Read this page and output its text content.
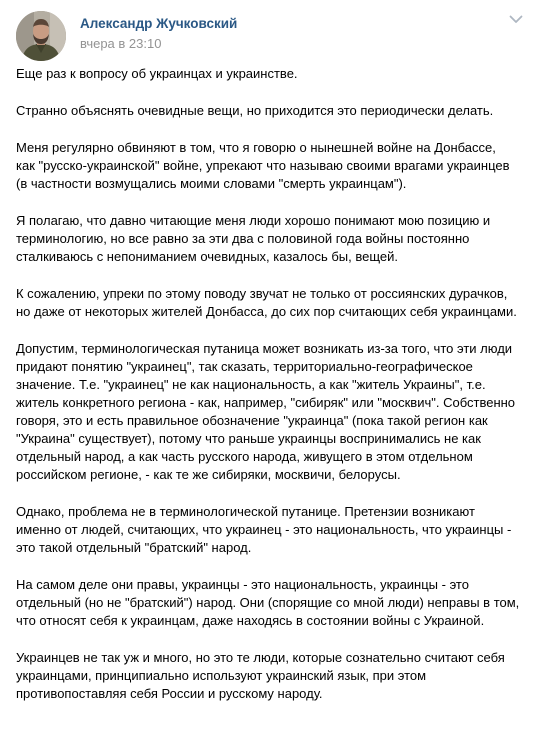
Александр Жучковский
вчера в 23:10

Еще раз к вопросу об украинцах и украинстве.

Странно объяснять очевидные вещи, но приходится это периодически делать.

Меня регулярно обвиняют в том, что я говорю о нынешней войне на Донбассе,
как "русско-украинской" войне, упрекают что называю своими врагами украинцев
(в частности возмущались моими словами "смерть украинцам").

Я полагаю, что давно читающие меня люди хорошо понимают мою позицию и
терминологию, но все равно за эти два с половиной года войны постоянно
сталкиваюсь с непониманием очевидных, казалось бы, вещей.

К сожалению, упреки по этому поводу звучат не только от россиянских дурачков,
но даже от некоторых жителей Донбасса, до сих пор считающих себя украинцами.

Допустим, терминологическая путаница может возникать из-за того, что эти люди
придают понятию "украинец", так сказать, территориально-географическое
значение. Т.е. "украинец" не как национальность, а как "житель Украины", т.е.
житель конкретного региона - как, например, "сибиряк" или "москвич". Собственно
говоря, это и есть правильное обозначение "украинца" (пока такой регион как
"Украина" существует), потому что раньше украинцы воспринимались не как
отдельный народ, а как часть русского народа, живущего в этом отдельном
российском регионе, - как те же сибиряки, москвичи, белорусы.

Однако, проблема не в терминологической путанице. Претензии возникают
именно от людей, считающих, что украинец - это национальность, что украинцы -
это такой отдельный "братский" народ.

На самом деле они правы, украинцы - это национальность, украинцы - это
отдельный (но не "братский") народ. Они (спорящие со мной люди) неправы в том,
что относят себя к украинцам, даже находясь в состоянии войны с Украиной.

Украинцев не так уж и много, но это те люди, которые сознательно считают себя
украинцами, принципиально используют украинский язык, при этом
противопоставляя себя России и русскому народу.
